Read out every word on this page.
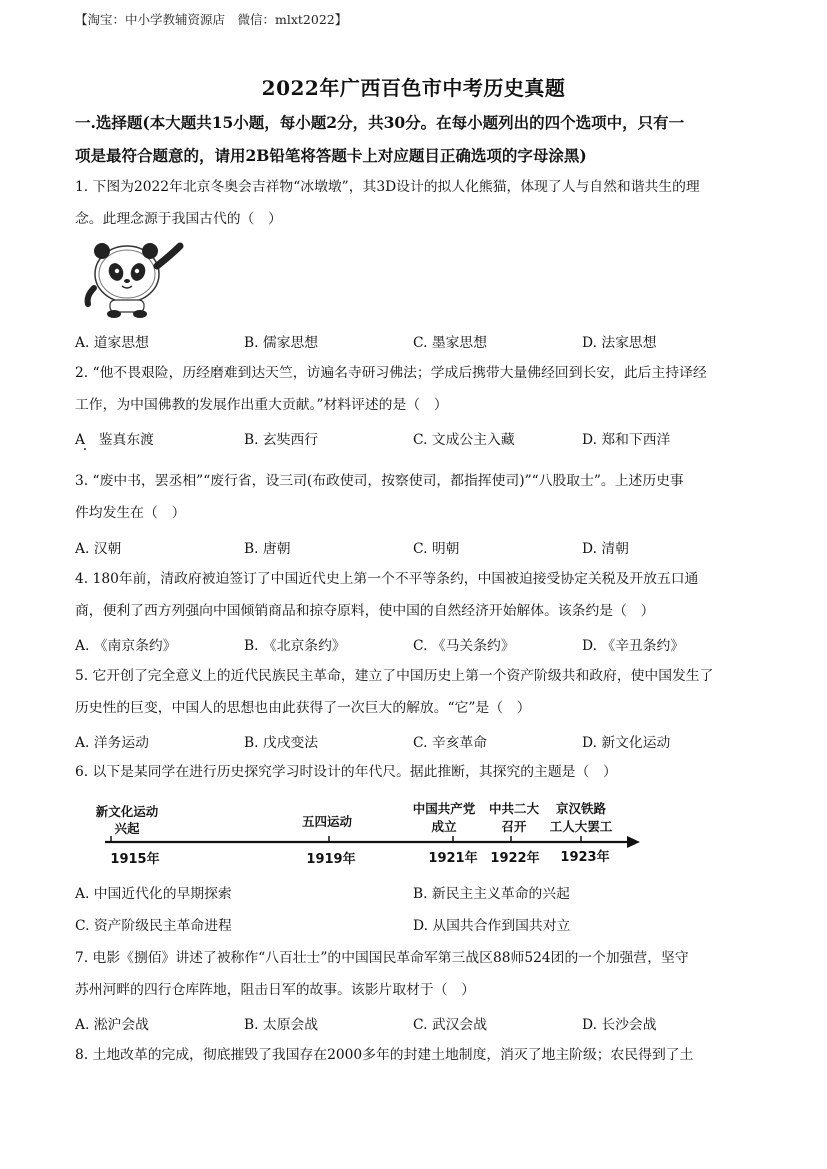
【淘宝：中小学教辅资源店　微信：mlxt2022】
2022年广西百色市中考历史真题
一.选择题(本大题共15小题，每小题2分，共30分。在每小题列出的四个选项中，只有一
项是最符合题意的，请用2B铅笔将答题卡上对应题目正确选项的字母涂黑)
1. 下图为2022年北京冬奥会吉祥物“冰墩墩”，其3D设计的拟人化熊猫，体现了人与自然和谐共生的理
念。此理念源于我国古代的（　）
A. 道家思想	B. 儒家思想	C. 墨家思想	D. 法家思想
2. “他不畏艰险，历经磨难到达天竺，访遍名寺研习佛法；学成后携带大量佛经回到长安，此后主持译经
工作，为中国佛教的发展作出重大贡献。”材料评述的是（　）
A　鉴真东渡	B. 玄奘西行	C. 文成公主入藏	D. 郑和下西洋
3. “废中书，罢丞相”“废行省，设三司(布政使司，按察使司，都指挥使司)”“八股取士”。上述历史事
件均发生在（　）
A. 汉朝	B. 唐朝	C. 明朝	D. 清朝
4. 180年前，清政府被迫签订了中国近代史上第一个不平等条约，中国被迫接受协定关税及开放五口通
商，便利了西方列强向中国倾销商品和掠夺原料，使中国的自然经济开始解体。该条约是（　）
A. 《南京条约》	B. 《北京条约》	C. 《马关条约》	D. 《辛丑条约》
5. 它开创了完全意义上的近代民族民主革命，建立了中国历史上第一个资产阶级共和政府，使中国发生了
历史性的巨变，中国人的思想也由此获得了一次巨大的解放。“它”是（　）
A. 洋务运动	B. 戊戌变法	C. 辛亥革命	D. 新文化运动
6. 以下是某同学在进行历史探究学习时设计的年代尺。据此推断，其探究的主题是（　）
新文化运动
兴起
1915年
五四运动
1919年
中国共产党
成立
1921年
中共二大
召开
1922年
京汉铁路
工人大罢工
1923年
A. 中国近代化的早期探索	B. 新民主主义革命的兴起
C. 资产阶级民主革命进程	D. 从国共合作到国共对立
7. 电影《捌佰》讲述了被称作“八百壮士”的中国国民革命军第三战区88师524团的一个加强营，坚守
苏州河畔的四行仓库阵地，阻击日军的故事。该影片取材于（　）
A. 淞沪会战	B. 太原会战	C. 武汉会战	D. 长沙会战
8. 土地改革的完成，彻底摧毁了我国存在2000多年的封建土地制度，消灭了地主阶级；农民得到了土
